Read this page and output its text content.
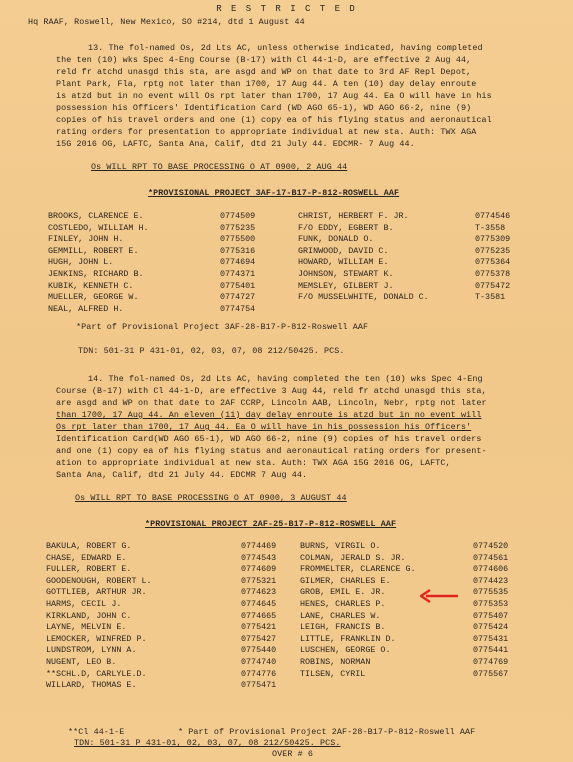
R E S T R I C T E D
Hq RAAF, Roswell, New Mexico, SO #214, dtd 1 August 44
13. The fol-named Os, 2d Lts AC, unless otherwise indicated, having completed
the ten (10) wks Spec 4-Eng Course (B-17) with Cl 44-1-D, are effective 2 Aug 44,
reld fr atchd unasgd this sta, are asgd and WP on that date to 3rd AF Repl Depot,
Plant Park, Fla, rptg not later than 1700, 17 Aug 44. A ten (10) day delay enroute
is atzd but in no event will Os rpt later than 1700, 17 Aug 44. Ea O will have in his
possession his Officers' Identification Card (WD AGO 65-1), WD AGO 66-2, nine (9)
copies of his travel orders and one (1) copy ea of his flying status and aeronautical
rating orders for presentation to appropriate individual at new sta. Auth: TWX AGA
15G 2016 OG, LAFTC, Santa Ana, Calif, dtd 21 July 44. EDCMR- 7 Aug 44.
Os WILL RPT TO BASE PROCESSING O AT 0900, 2 AUG 44
*PROVISIONAL PROJECT 3AF-17-B17-P-812-ROSWELL AAF
BROOKS, CLARENCE E.	0774509	CHRIST, HERBERT F. JR.	0774546
COSTLEDO, WILLIAM H.	0775235	F/O EDDY, EGBERT B.	T-3558
FINLEY, JOHN H.	0775500	FUNK, DONALD O.	0775309
GEMMILL, ROBERT E.	0775316	GRINWOOD, DAVID C.	0775235
HUGH, JOHN L.	0774694	HOWARD, WILLIAM E.	0775364
JENKINS, RICHARD B.	0774371	JOHNSON, STEWART K.	0775378
KUBIK, KENNETH C.	0775401	MEMSLEY, GILBERT J.	0775472
MUELLER, GEORGE W.	0774727	F/O MUSSELWHITE, DONALD C.	T-3581
NEAL, ALFRED H.	0774754
*Part of Provisional Project 3AF-28-B17-P-812-Roswell AAF
TDN: 501-31 P 431-01, 02, 03, 07, 08 212/50425. PCS.
14. The fol-named Os, 2d Lts AC, having completed the ten (10) wks Spec 4-Eng
Course (B-17) with Cl 44-1-D, are effective 3 Aug 44, reld fr atchd unasgd this sta,
are asgd and WP on that date to 2AF CCRP, Lincoln AAB, Lincoln, Nebr, rptg not later
than 1700, 17 Aug 44. An eleven (11) day delay enroute is atzd but in no event will
Os rpt later than 1700, 17 Aug 44. Ea O will have in his possession his Officers'
Identification Card(WD AGO 65-1), WD AGO 66-2, nine (9) copies of his travel orders
and one (1) copy ea of his flying status and aeronautical rating orders for present-
ation to appropriate individual at new sta. Auth: TWX AGA 15G 2016 OG, LAFTC,
Santa Ana, Calif, dtd 21 July 44. EDCMR 7 Aug 44.
Os WILL RPT TO BASE PROCESSING O AT 0900, 3 AUGUST 44
*PROVISIONAL PROJECT 2AF-25-B17-P-812-ROSWELL AAF
BAKULA, ROBERT G.	0774469	BURNS, VIRGIL O.	0774520
CHASE, EDWARD E.	0774543	COLMAN, JERALD S. JR.	0774561
FULLER, ROBERT E.	0774609	FROMMELTER, CLARENCE G.	0774606
GOODENOUGH, ROBERT L.	0775321	GILMER, CHARLES E.	0774423
GOTTLIEB, ARTHUR JR.	0774623	GROB, EMIL E. JR.	0775535
HARMS, CECIL J.	0774645	HENES, CHARLES P.	0775353
KIRKLAND, JOHN C.	0774665	LANE, CHARLES W.	0775407
LAYNE, MELVIN E.	0775421	LEIGH, FRANCIS B.	0775424
LEMOCKER, WINFRED P.	0775427	LITTLE, FRANKLIN D.	0775431
LUNDSTROM, LYNN A.	0775440	LUSCHEN, GEORGE O.	0775441
NUGENT, LEO B.	0774740	ROBINS, NORMAN	0774769
**SCHL.D, CARLYLE.D.	0774776	TILSEN, CYRIL	0775567
WILLARD, THOMAS E.	0775471
**Cl 44-1-E	* Part of Provisional Project 2AF-28-B17-P-812-Roswell AAF
TDN: 501-31 P 431-01, 02, 03, 07, 08 212/50425. PCS.
OVER # 6
